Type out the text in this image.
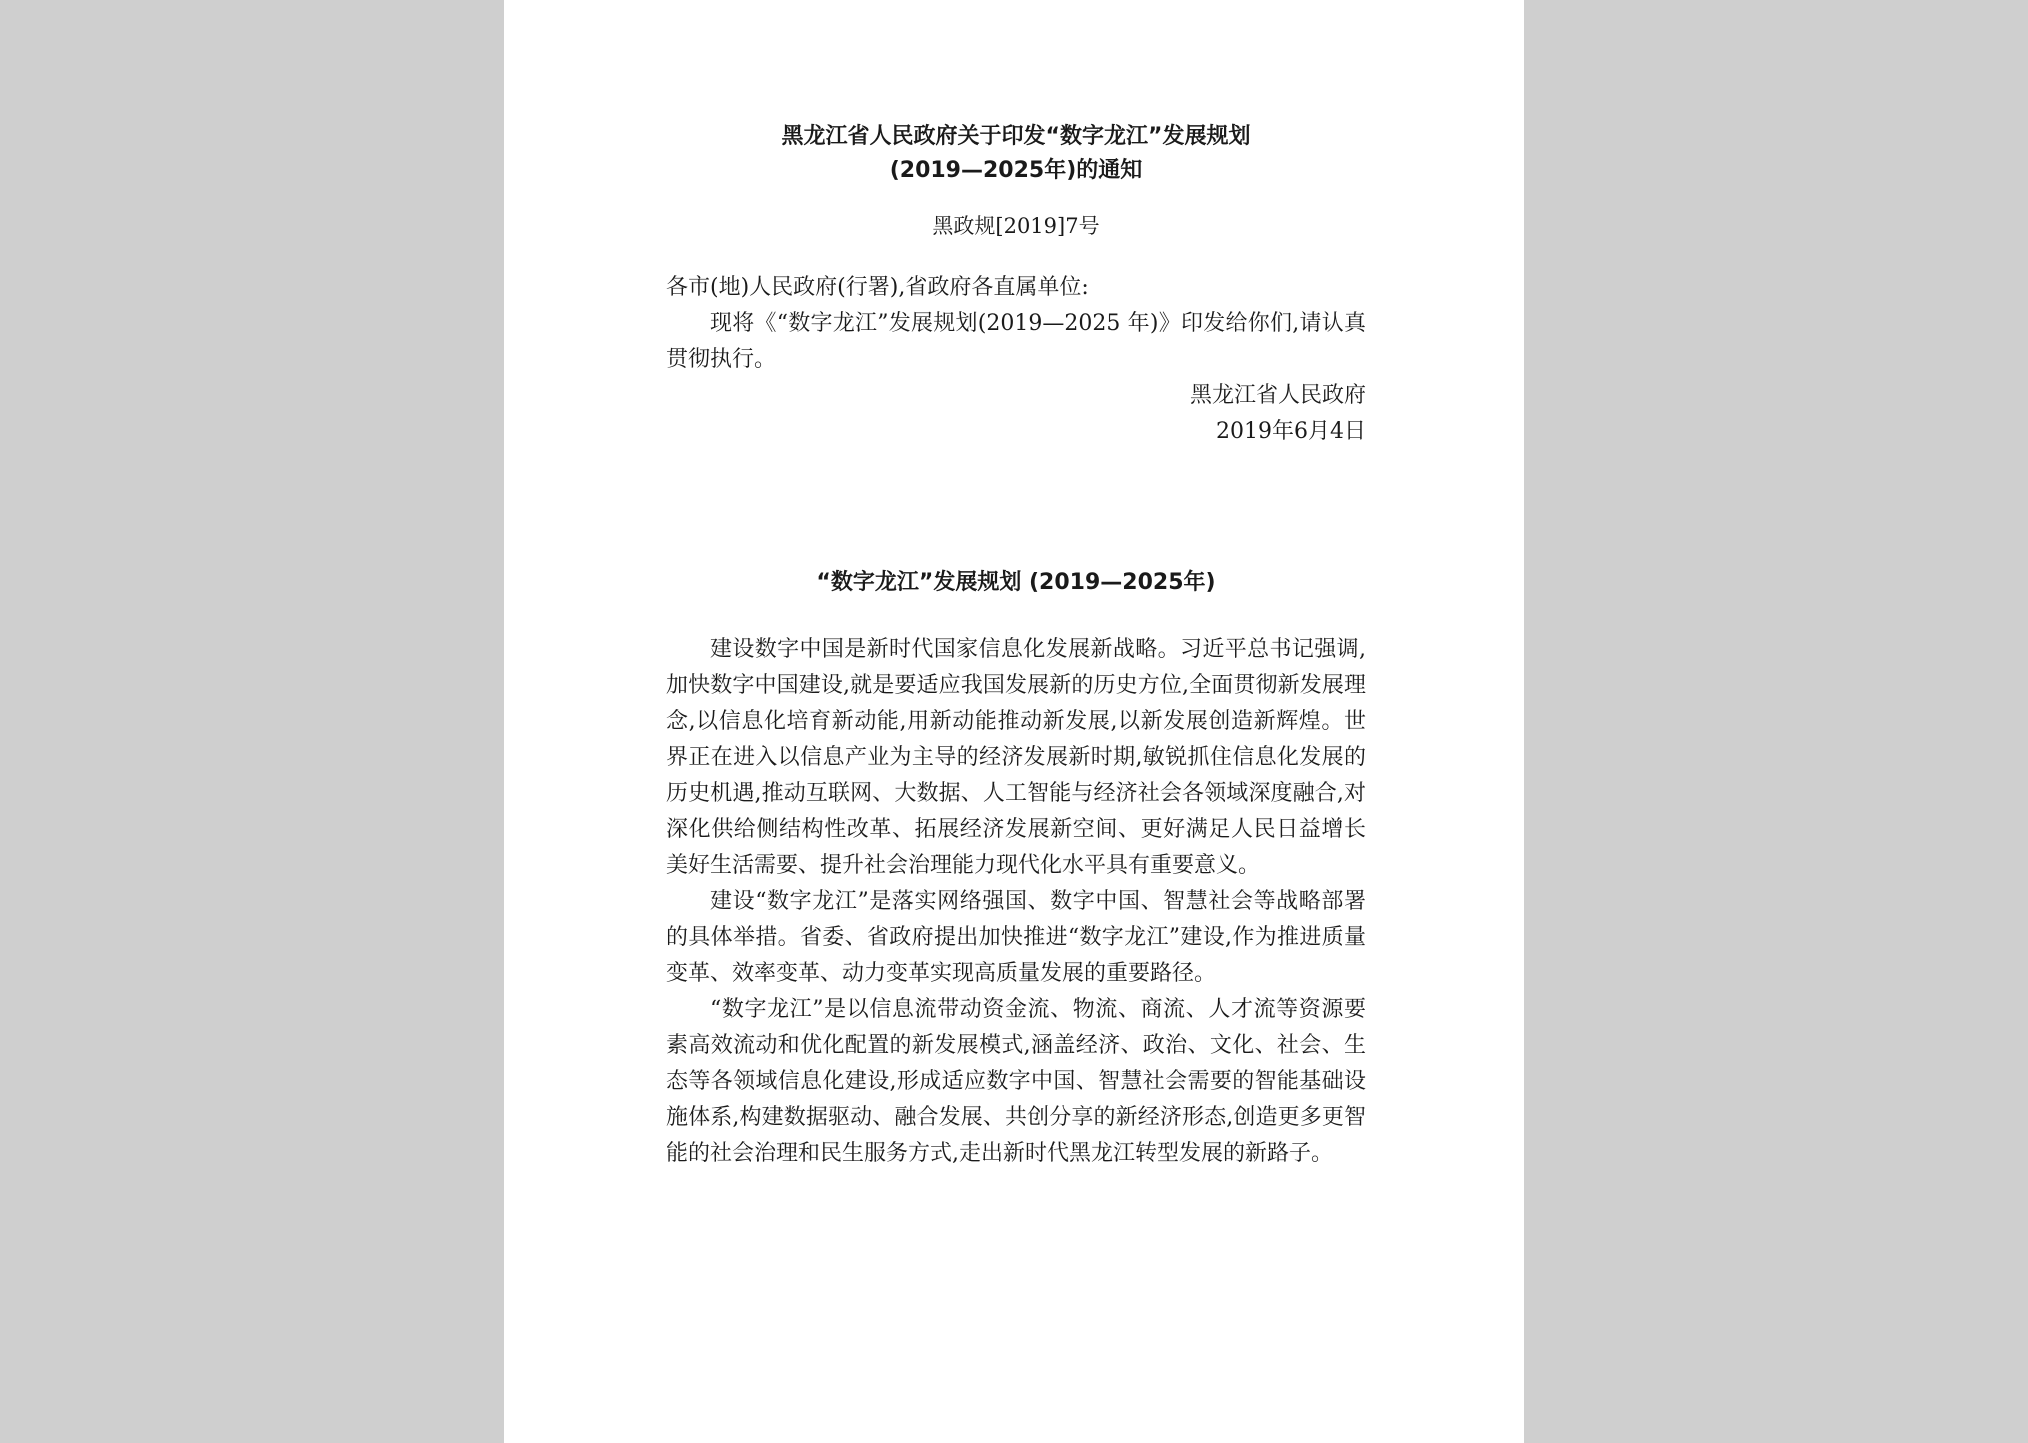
黑龙江省人民政府关于印发“数字龙江”发展规划

(2019—2025年)的通知

黑政规[2019]7号

各市(地)人民政府(行署),省政府各直属单位:

现将《“数字龙江”发展规划(2019—2025 年)》印发给你们,请认真贯彻执行。

黑龙江省人民政府
2019年6月4日
“数字龙江”发展规划 (2019—2025年)

建设数字中国是新时代国家信息化发展新战略。习近平总书记强调,加快数字中国建设,就是要适应我国发展新的历史方位,全面贯彻新发展理念,以信息化培育新动能,用新动能推动新发展,以新发展创造新辉煌。世界正在进入以信息产业为主导的经济发展新时期,敏锐抓住信息化发展的历史机遇,推动互联网、大数据、人工智能与经济社会各领域深度融合,对深化供给侧结构性改革、拓展经济发展新空间、更好满足人民日益增长美好生活需要、提升社会治理能力现代化水平具有重要意义。

建设“数字龙江”是落实网络强国、数字中国、智慧社会等战略部署的具体举措。省委、省政府提出加快推进“数字龙江”建设,作为推进质量变革、效率变革、动力变革实现高质量发展的重要路径。

“数字龙江”是以信息流带动资金流、物流、商流、人才流等资源要素高效流动和优化配置的新发展模式,涵盖经济、政治、文化、社会、生态等各领域信息化建设,形成适应数字中国、智慧社会需要的智能基础设施体系,构建数据驱动、融合发展、共创分享的新经济形态,创造更多更智能的社会治理和民生服务方式,走出新时代黑龙江转型发展的新路子。
